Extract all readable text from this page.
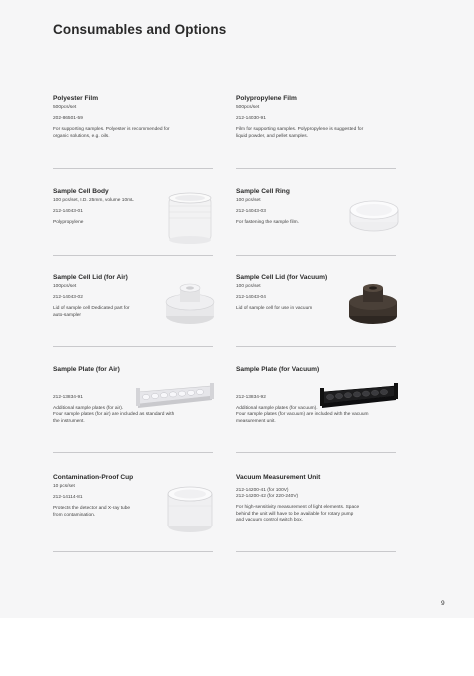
Consumables and Options
Polyester Film
500pcs/set
202-86501-59
For supporting samples. Polyester is recommended for
organic solutions, e.g. oils.
Polypropylene Film
500pcs/set
212-14030-91
Film for supporting samples. Polypropylene is suggested for
liquid powder, and pellet samples.
Sample Cell Body
100 pcs/set, I.D. 25mm, volume 10mL
212-14043-01
Polypropylene
Sample Cell Ring
100 pcs/set
212-14043-03
For fastening the sample film.
Sample Cell Lid (for Air)
100pcs/set
212-14043-02
Lid of sample cell Dedicated part for
auto-sampler
Sample Cell Lid (for Vacuum)
100 pcs/set
212-14043-04
Lid of sample cell for use in vacuum
Sample Plate (for Air)
212-13834-91
Additional sample plates (for air).
Four sample plates (for air) are included as standard with
the instrument.
Sample Plate (for Vacuum)
212-13834-92
Additional sample plates (for vacuum).
Four sample plates (for vacuum) are included with the vacuum
measurement unit.
Contamination-Proof Cup
10 pcs/set
212-14114-81
Protects the detector and X-ray tube
from contamination.
Vacuum Measurement Unit
212-14200-41 (for 100V)
212-14200-42 (for 220-240V)
For high-sensitivity measurement of light elements. Space
behind the unit will have to be available for rotary pump
and vacuum control switch box.
9
